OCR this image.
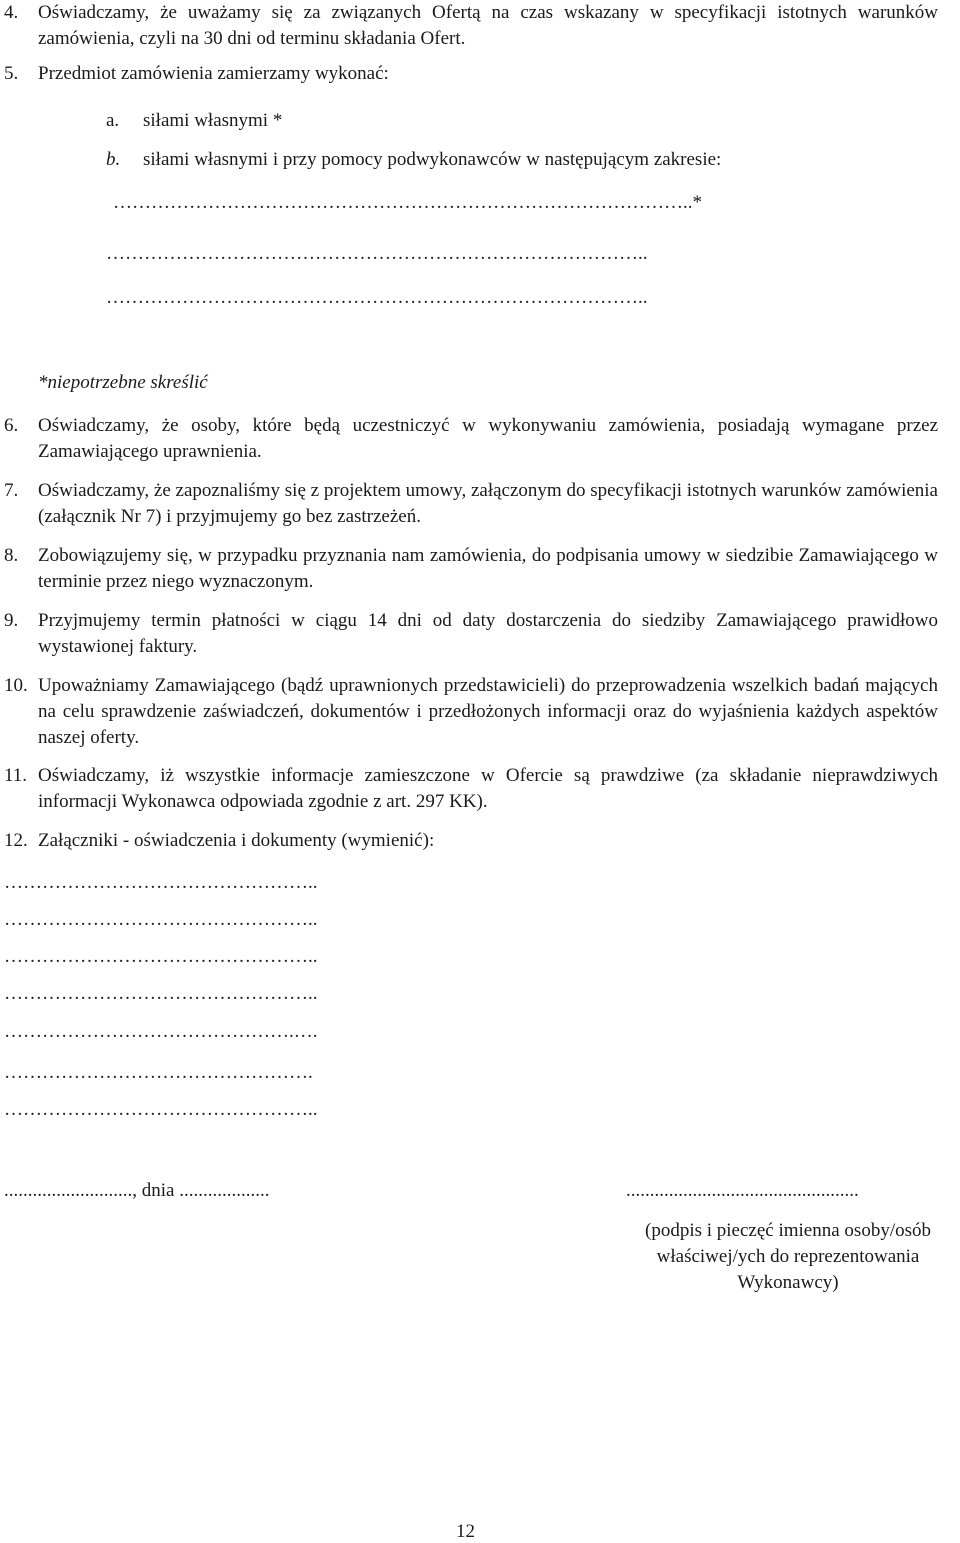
4. Oświadczamy, że uważamy się za związanych Ofertą na czas wskazany w specyfikacji istotnych warunków zamówienia, czyli na 30 dni od terminu składania Ofert.
5. Przedmiot zamówienia zamierzamy wykonać:
a. siłami własnymi *
b. siłami własnymi i przy pomocy podwykonawców w następującym zakresie:
………………………………………………………………………………..*
…………………………………………………………………………..
…………………………………………………………………………..
*niepotrzebne skreślić
6. Oświadczamy, że osoby, które będą uczestniczyć w wykonywaniu zamówienia, posiadają wymagane przez Zamawiającego uprawnienia.
7. Oświadczamy, że zapoznaliśmy się z projektem umowy, załączonym do specyfikacji istotnych warunków zamówienia (załącznik Nr 7) i przyjmujemy go bez zastrzeżeń.
8. Zobowiązujemy się, w przypadku przyznania nam zamówienia, do podpisania umowy w siedzibie Zamawiającego w terminie przez niego wyznaczonym.
9. Przyjmujemy termin płatności w ciągu 14 dni od daty dostarczenia do siedziby Zamawiającego prawidłowo wystawionej faktury.
10. Upoważniamy Zamawiającego (bądź uprawnionych przedstawicieli) do przeprowadzenia wszelkich badań mających na celu sprawdzenie zaświadczeń, dokumentów i przedłożonych informacji oraz do wyjaśnienia każdych aspektów naszej oferty.
11. Oświadczamy, iż wszystkie informacje zamieszczone w Ofercie są prawdziwe (za składanie nieprawdziwych informacji Wykonawca odpowiada zgodnie z art. 297 KK).
12. Załączniki - oświadczenia i dokumenty (wymienić):
…………………………………………..
…………………………………………..
…………………………………………..
…………………………………………..
……………………………………….….
………………………………………….
…………………………………………..
..........................., dnia ...................	.................................................
(podpis i pieczęć imienna osoby/osób
właściwej/ych do reprezentowania
Wykonawcy)
12
